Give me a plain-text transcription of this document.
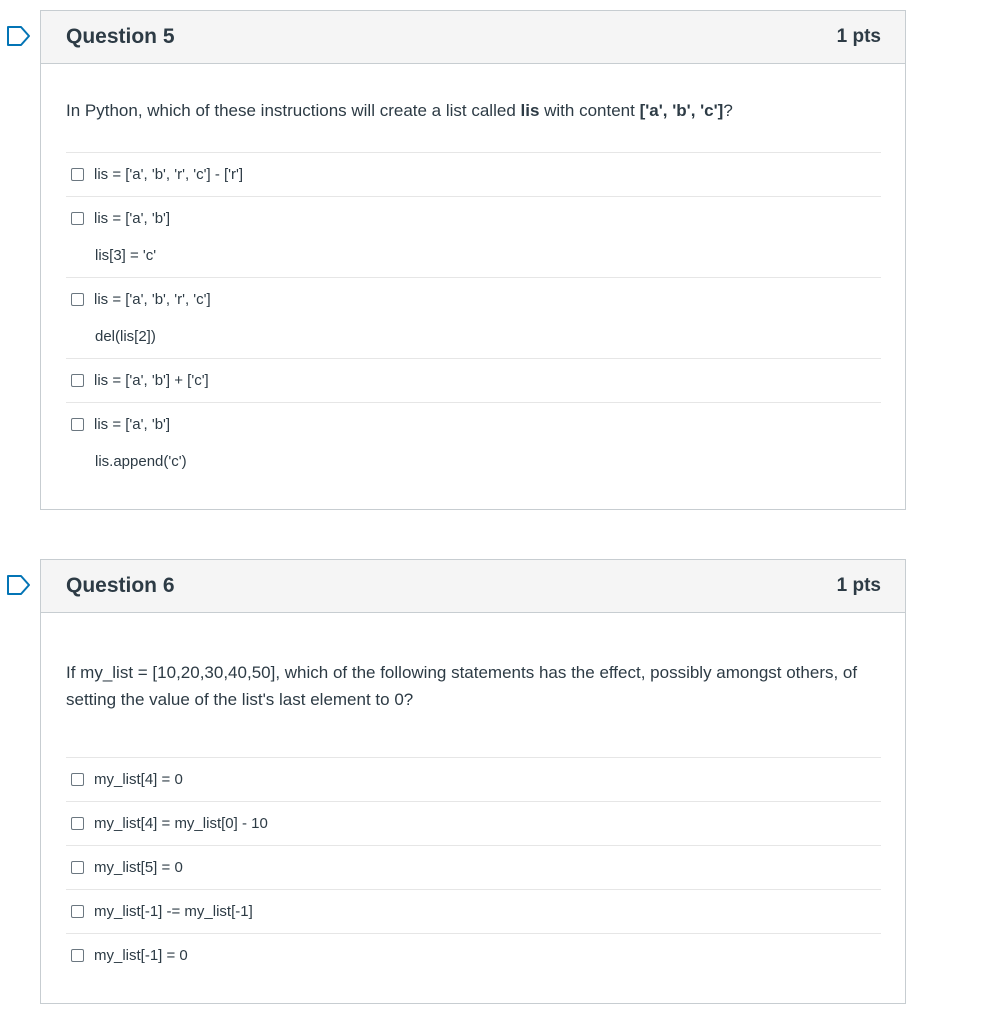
Question 5	1 pts
In Python, which of these instructions will create a list called lis with content ['a', 'b', 'c']?
lis = ['a', 'b', 'r', 'c'] - ['r']
lis = ['a', 'b']
lis[3] = 'c'
lis = ['a', 'b', 'r', 'c']
del(lis[2])
lis = ['a', 'b'] + ['c']
lis = ['a', 'b']
lis.append('c')
Question 6	1 pts
If my_list = [10,20,30,40,50], which of the following statements has the effect, possibly amongst others, of setting the value of the list's last element to 0?
my_list[4] = 0
my_list[4] = my_list[0] - 10
my_list[5] = 0
my_list[-1] -= my_list[-1]
my_list[-1] = 0
